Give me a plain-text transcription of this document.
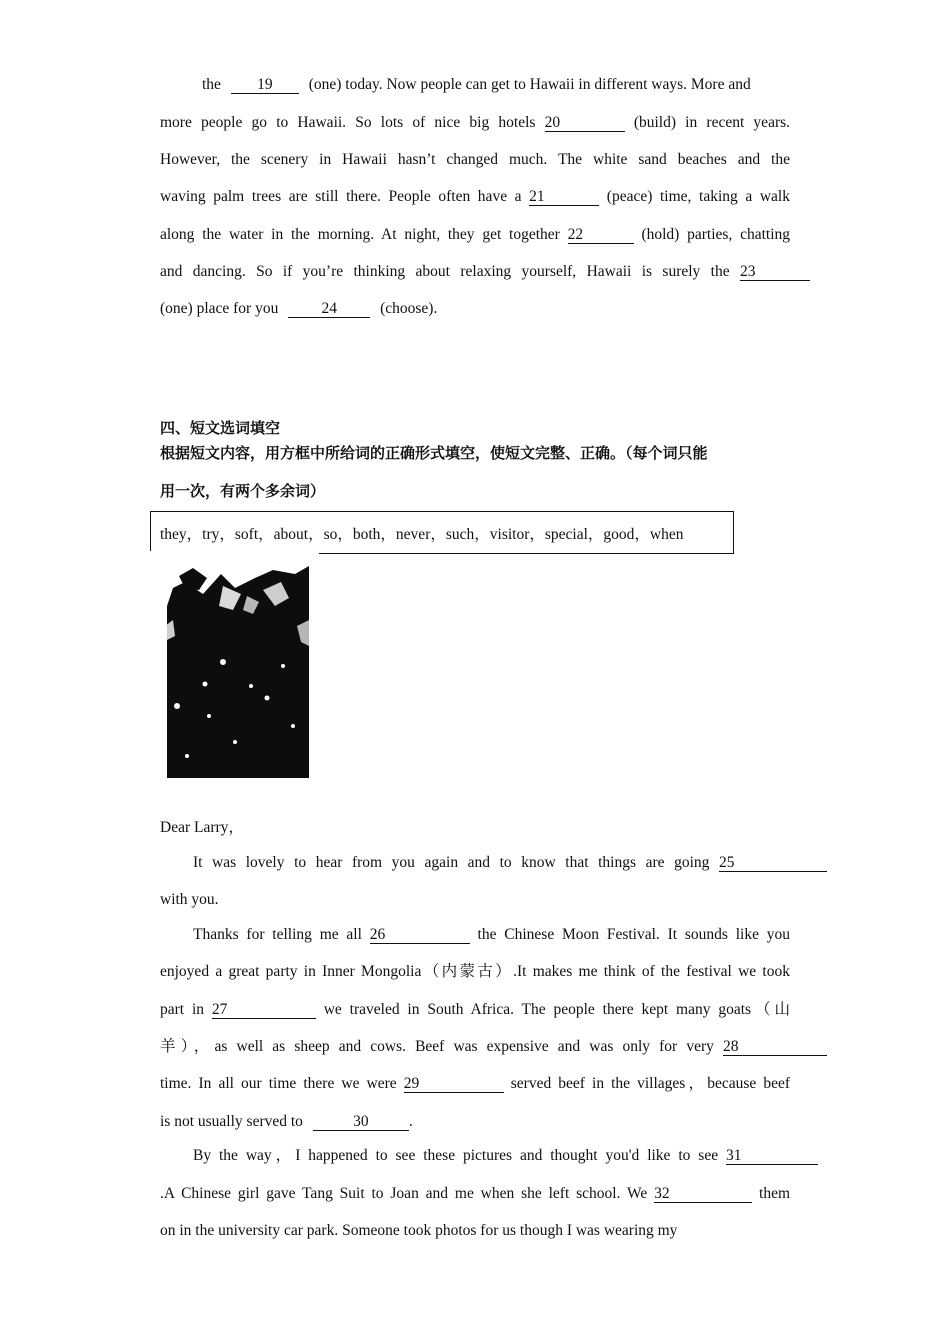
the 19 (one) today. Now people can get to Hawaii in different ways. More and
more people go to Hawaii. So lots of nice big hotels 20	(build) in recent years.
However, the scenery in Hawaii hasn’t changed much. The white sand beaches and the
waving palm trees are still there. People often have a 21	(peace) time, taking a walk
along the water in the morning. At night, they get together 22	(hold) parties, chatting
and dancing. So if you’re thinking about relaxing yourself, Hawaii is surely the 23
(one) place for you	24	(choose).
四、短文选词填空
根据短文内容，用方框中所给词的正确形式填空，使短文完整、正确。（每个词只能
用一次，有两个多余词）
they，try，soft，about，so，both，never，such，visitor，special，good，when
Dear Larry，
It was lovely to hear from you again and to know that things are going 25
with you.
Thanks for telling me all 26	the Chinese Moon Festival. It sounds like you
enjoyed a great party in Inner Mongolia（内蒙古）.It makes me think of the festival we took
part in 27	we traveled in South Africa. The people there kept many goats（山
羊），as well as sheep and cows. Beef was expensive and was only for very 28
time. In all our time there we were 29	served beef in the villages，because beef
is not usually served to	30	.
By the way，I happened to see these pictures and thought you'd like to see 31
.A Chinese girl gave Tang Suit to Joan and me when she left school. We 32	them
on in the university car park. Someone took photos for us though I was wearing my
